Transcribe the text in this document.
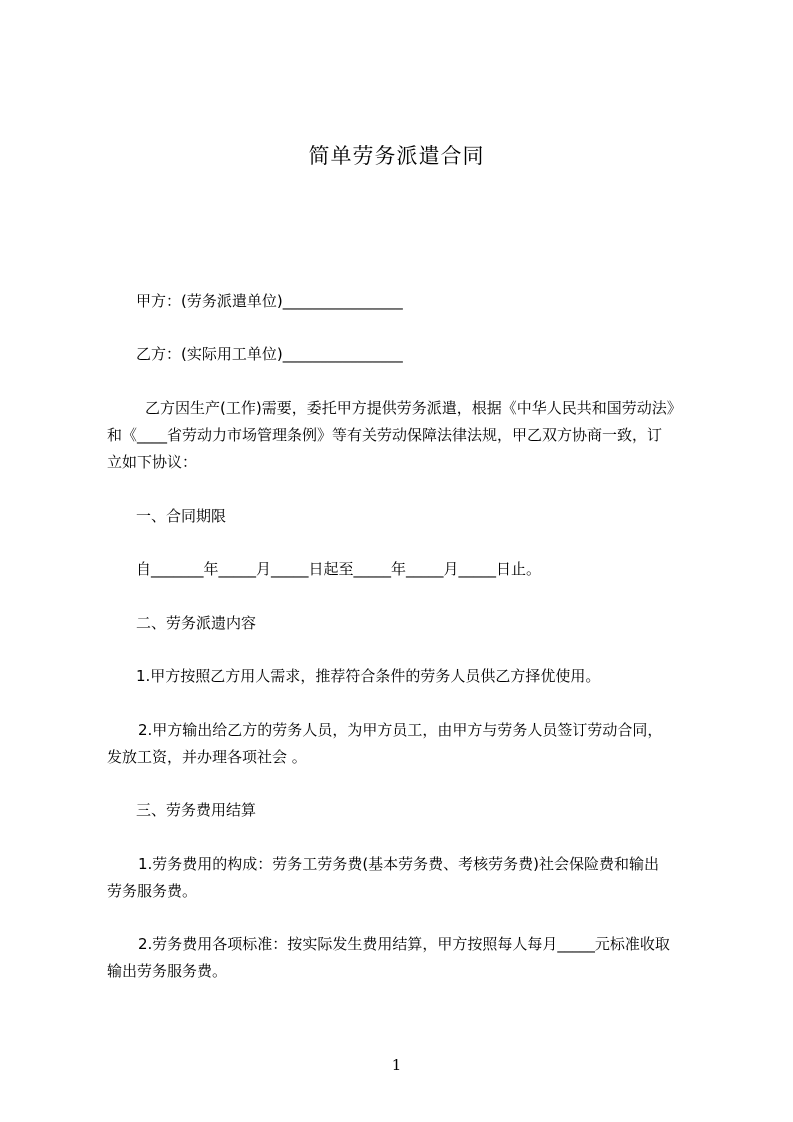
简单劳务派遣合同
甲方：(劳务派遣单位)________________
乙方：(实际用工单位)________________
乙方因生产(工作)需要，委托甲方提供劳务派遣，根据《中华人民共和国劳动法》
和《____省劳动力市场管理条例》等有关劳动保障法律法规，甲乙双方协商一致，订
立如下协议：
一、合同期限
自_______年_____月_____日起至_____年_____月_____日止。
二、劳务派遗内容
1.甲方按照乙方用人需求，推荐符合条件的劳务人员供乙方择优使用。
2.甲方输出给乙方的劳务人员，为甲方员工，由甲方与劳务人员签订劳动合同，
发放工资，并办理各项社会 。
三、劳务费用结算
1.劳务费用的构成：劳务工劳务费(基本劳务费、考核劳务费)社会保险费和输出
劳务服务费。
2.劳务费用各项标准：按实际发生费用结算，甲方按照每人每月_____元标准收取
输出劳务服务费。
1
